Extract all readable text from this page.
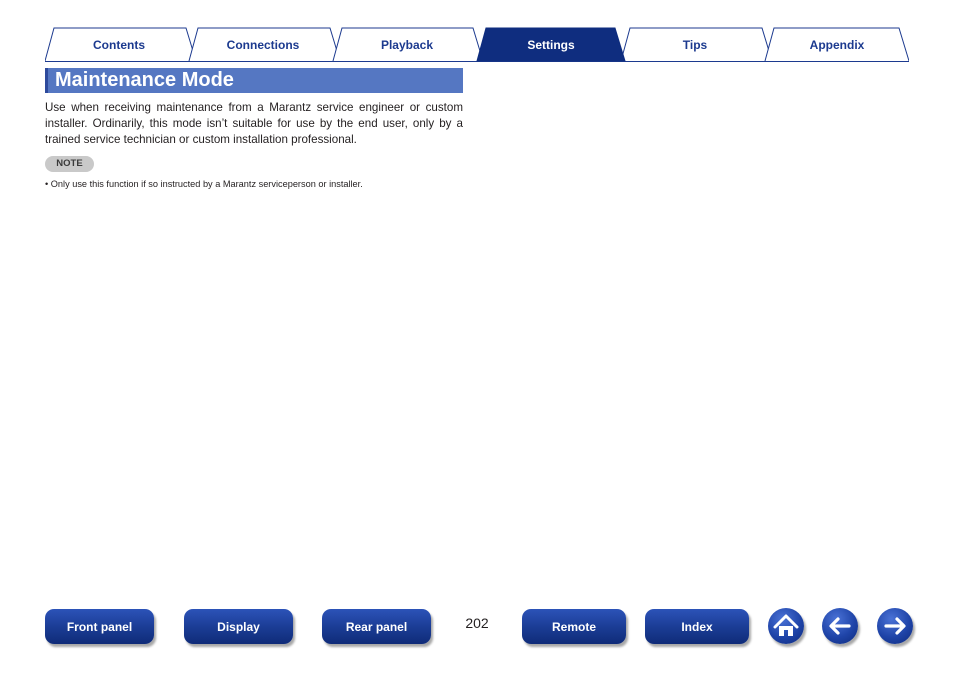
Contents	Connections	Playback	Settings	Tips	Appendix
Maintenance Mode
Use when receiving maintenance from a Marantz service engineer or custom installer. Ordinarily, this mode isn’t suitable for use by the end user, only by a trained service technician or custom installation professional.
NOTE
• Only use this function if so instructed by a Marantz serviceperson or installer.
Front panel	Display	Rear panel	202	Remote	Index
